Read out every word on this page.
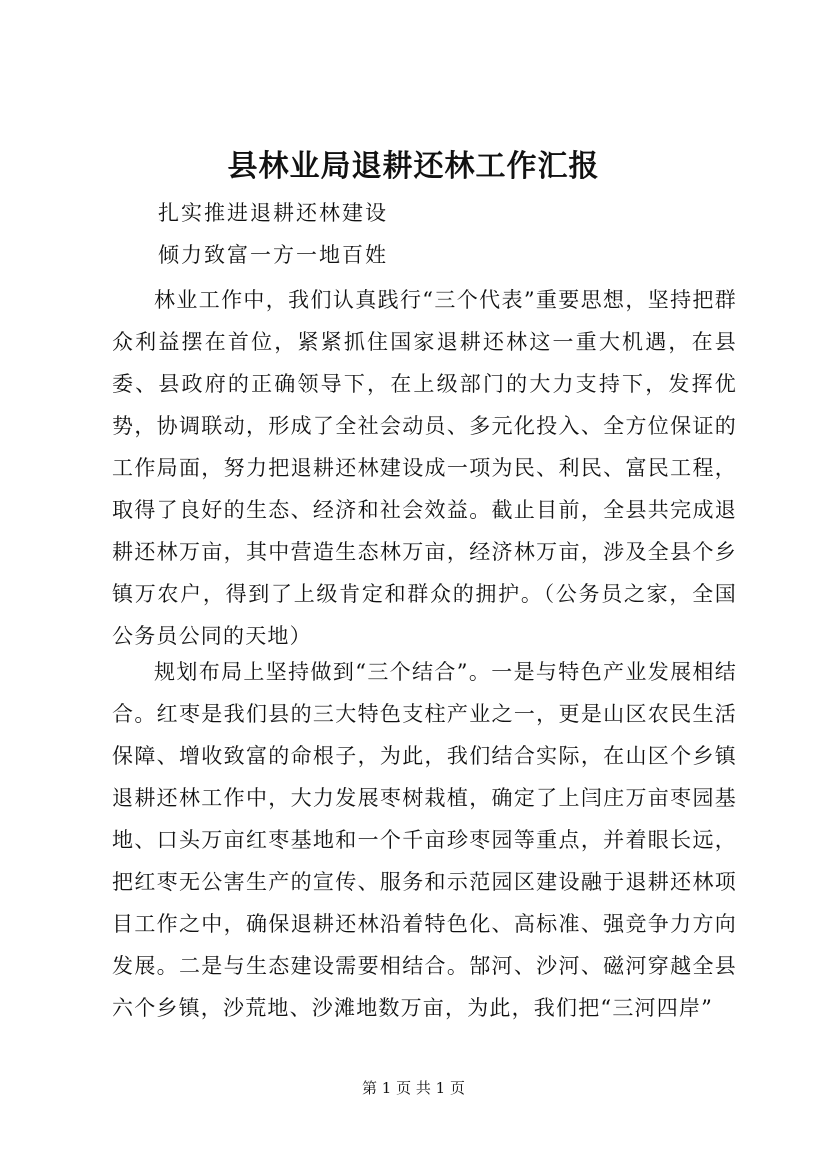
县林业局退耕还林工作汇报
扎实推进退耕还林建设
倾力致富一方一地百姓
林业工作中，我们认真践行“三个代表”重要思想，坚持把群众利益摆在首位，紧紧抓住国家退耕还林这一重大机遇，在县委、县政府的正确领导下，在上级部门的大力支持下，发挥优势，协调联动，形成了全社会动员、多元化投入、全方位保证的工作局面，努力把退耕还林建设成一项为民、利民、富民工程，取得了良好的生态、经济和社会效益。截止目前，全县共完成退耕还林万亩，其中营造生态林万亩，经济林万亩，涉及全县个乡镇万农户，得到了上级肯定和群众的拥护。（公务员之家，全国公务员公同的天地）
规划布局上坚持做到“三个结合”。一是与特色产业发展相结合。红枣是我们县的三大特色支柱产业之一，更是山区农民生活保障、增收致富的命根子，为此，我们结合实际，在山区个乡镇退耕还林工作中，大力发展枣树栽植，确定了上闫庄万亩枣园基地、口头万亩红枣基地和一个千亩珍枣园等重点，并着眼长远，把红枣无公害生产的宣传、服务和示范园区建设融于退耕还林项目工作之中，确保退耕还林沿着特色化、高标准、强竞争力方向发展。二是与生态建设需要相结合。郜河、沙河、磁河穿越全县六个乡镇，沙荒地、沙滩地数万亩，为此，我们把“三河四岸”
第 1 页 共 1 页
